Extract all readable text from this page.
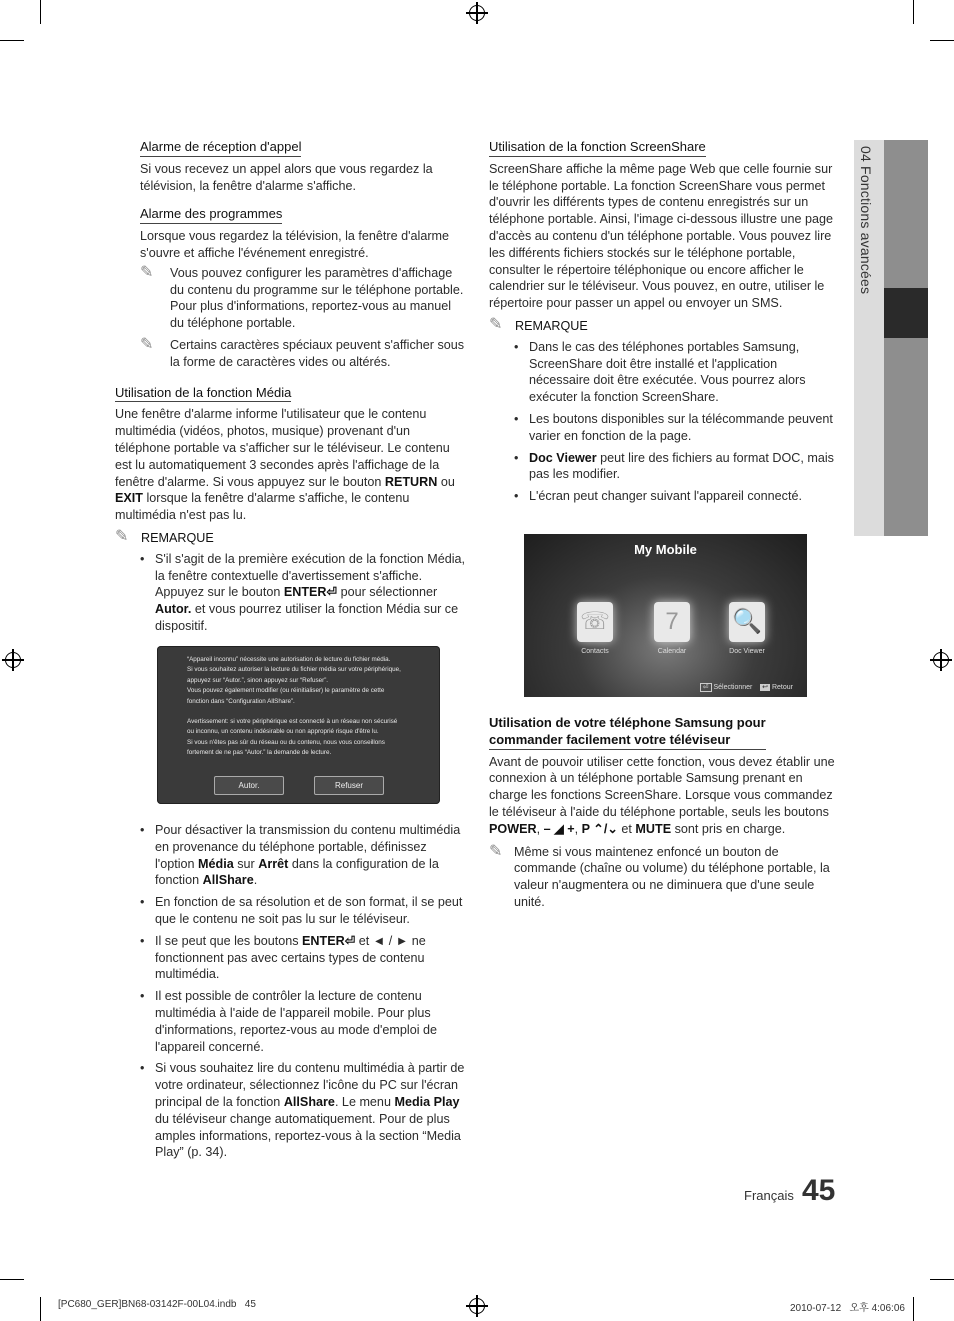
04 Fonctions avancées
Alarme de réception d'appel

Si vous recevez un appel alors que vous regardez la télévision, la fenêtre d'alarme s'affiche.

Alarme des programmes

Lorsque vous regardez la télévision, la fenêtre d'alarme s'ouvre et affiche l'événement enregistré.

✎ Vous pouvez configurer les paramètres d'affichage du contenu du programme sur le téléphone portable. Pour plus d'informations, reportez-vous au manuel du téléphone portable.
✎ Certains caractères spéciaux peuvent s'afficher sous la forme de caractères vides ou altérés.
Utilisation de la fonction Média

Une fenêtre d'alarme informe l'utilisateur que le contenu multimédia (vidéos, photos, musique) provenant d'un téléphone portable va s'afficher sur le téléviseur. Le contenu est lu automatiquement 3 secondes après l'affichage de la fenêtre d'alarme. Si vous appuyez sur le bouton RETURN ou EXIT lorsque la fenêtre d'alarme s'affiche, le contenu multimédia n'est pas lu.

✎ REMARQUE
• S'il s'agit de la première exécution de la fonction Média, la fenêtre contextuelle d'avertissement s'affiche. Appuyez sur le bouton ENTER⏎ pour sélectionner Autor. et vous pourrez utiliser la fonction Média sur ce dispositif.
“Appareil inconnu” nécessite une autorisation de lecture du fichier média.
Si vous souhaitez autoriser la lecture du fichier média sur votre périphérique,
appuyez sur “Autor.”, sinon appuyez sur “Refuser”.
Vous pouvez également modifier (ou réinitialiser) le paramètre de cette
fonction dans “Configuration AllShare”.
Avertissement: si votre périphérique est connecté à un réseau non sécurisé
ou inconnu, un contenu indésirable ou non approprié risque d'être lu.
Si vous n'êtes pas sûr du réseau ou du contenu, nous vous conseillons
fortement de ne pas “Autor.” la demande de lecture.
Autor.	Refuser
• Pour désactiver la transmission du contenu multimédia en provenance du téléphone portable, définissez l'option Média sur Arrêt dans la configuration de la fonction AllShare.
• En fonction de sa résolution et de son format, il se peut que le contenu ne soit pas lu sur le téléviseur.
• Il se peut que les boutons ENTER⏎ et ◄ / ► ne fonctionnent pas avec certains types de contenu multimédia.
• Il est possible de contrôler la lecture de contenu multimédia à l'aide de l'appareil mobile. Pour plus d'informations, reportez-vous au mode d'emploi de l'appareil concerné.
• Si vous souhaitez lire du contenu multimédia à partir de votre ordinateur, sélectionnez l'icône du PC sur l'écran principal de la fonction AllShare. Le menu Media Play du téléviseur change automatiquement. Pour de plus amples informations, reportez-vous à la section “Media Play” (p. 34).
Utilisation de la fonction ScreenShare

ScreenShare affiche la même page Web que celle fournie sur le téléphone portable. La fonction ScreenShare vous permet d'ouvrir les différents types de contenu enregistrés sur un téléphone portable. Ainsi, l'image ci-dessous illustre une page d'accès au contenu d'un téléphone portable. Vous pouvez lire les différents fichiers stockés sur le téléphone portable, consulter le répertoire téléphonique ou encore afficher le calendrier sur le téléviseur. Vous pouvez, en outre, utiliser le répertoire pour passer un appel ou envoyer un SMS.

✎ REMARQUE
• Dans le cas des téléphones portables Samsung, ScreenShare doit être installé et l'application nécessaire doit être exécutée. Vous pourrez alors exécuter la fonction ScreenShare.
• Les boutons disponibles sur la télécommande peuvent varier en fonction de la page.
• Doc Viewer peut lire des fichiers au format DOC, mais pas les modifier.
• L'écran peut changer suivant l'appareil connecté.
My Mobile
☏	7	🔍
Contacts	Calendar	Doc Viewer
⏎ Sélectionner ↩ Retour
Utilisation de votre téléphone Samsung pour
commander facilement votre téléviseur

Avant de pouvoir utiliser cette fonction, vous devez établir une connexion à un téléphone portable Samsung prenant en charge les fonctions ScreenShare. Lorsque vous commandez le téléviseur à l'aide du téléphone portable, seuls les boutons POWER, – ◢ +, P ⌃/⌄ et MUTE sont pris en charge.

✎ Même si vous maintenez enfoncé un bouton de commande (chaîne ou volume) du téléphone portable, la valeur n'augmentera ou ne diminuera que d'une seule unité.
Français 45
[PC680_GER]BN68-03142F-00L04.indb   45	2010-07-12   오후 4:06:06
